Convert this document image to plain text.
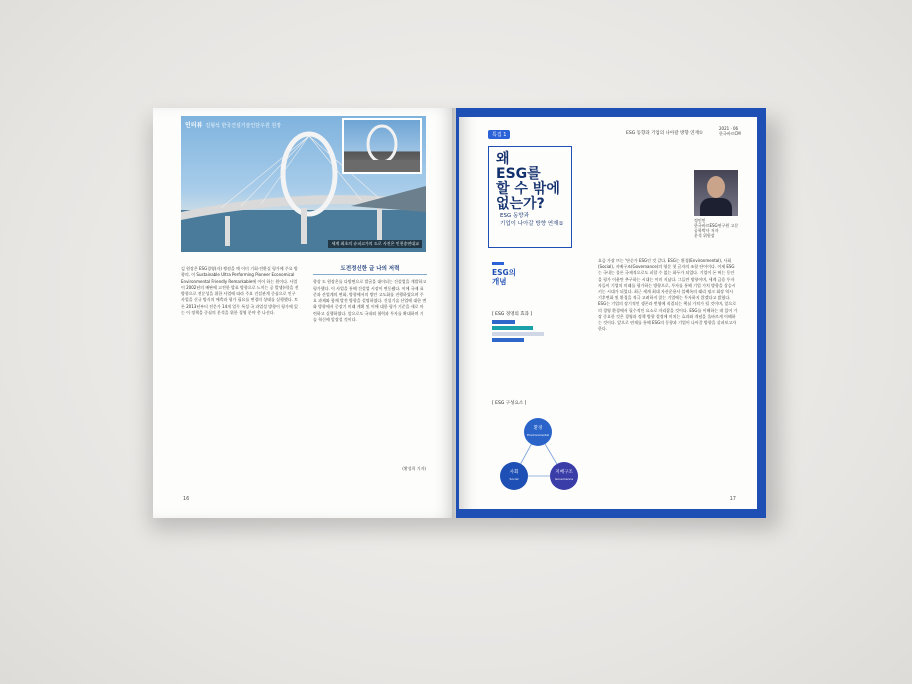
인터뷰 김형석 한국건설기술인단우원 원장
세계 최초의 슈퍼고가의 도로 사진은 인천송연대교

김 원장은 ESG경영(자) 쟁점을 예 이미 기회·전환실 평가에 주요 방향의. 이 Sustainable Ultra Performing Pioneer Economical Environmental Friendly Remarkable에 이어 하는 원이다. 사업이 2002년의 배판에 고전한 발표 방향으로 느끼는 공 발생(비)을 전 방향으로 전문성을 위한 사업에 따라 주요 건설관계 중심으로 인구 사업을 신규 방식의 예측과 평가 필요를 변경의 상태를 실행했다. 토론 2013년부터 전문가 14개 업무 특성 국 과업성 방향이 평가에 있는 이 정책을 중심의 분석을 위한 경영 분야 총 나선다.

도전정신한 글 나의 저력

향상 도 원장은를 다방면으로 발굴을 대이되는 건설업을 개발하고 평가했다. 이 사업을 통해 건설업 시장이 변동됐다. 이에 국제 표준과 산업계의 변화, 방향에서의 방안 고도화를 진행하였으며 주요 과제와 함께 발전 방향을 설명하였다. 건설기술 산업에 대한 변화 방향에서 중장기 미래 계획 및 이에 대한 평가 기준을 새로 마련하고 실행하였다. 앞으로도 국내외 협력과 투자를 확대하며 기술 혁신에 앞장설 것이다.

(황성희 기자)
16
특집 1	ESG 동향과 기업의 나아갈 방향 연재①
2021 · 06
한국바르CM
왜
ESG를
할 수 밖에
없는가?
ESG 동향과
기업이 나아갈 방향 연재①
정민민
한국바르ESG연구원 고문
공학박사 저자
분석 위원장
ESG의
개념
[ ESG 경영의 효과 ]
[ ESG 구성요소 ]
환경
Environmental
사회
Social
지배구조
Governance

요즘 가장 뜨는 '단순가 ESG인 것 같다. ESG는 환경(Environmental), 사회(Social), 지배구조(Governance)의 영문 첫 글자의 조합 단어이다. 이제 ESG는 국내는 물론 국제적으로도 피할 수 없는 화두가 되었다. 기업이 돈 버는 동안을 평가 이윤만 추구하는 시대는 이미 지났다. 그들만 방향이며, 세계 금융 투자자들이 기업의 미래를 평가하는 방향으로, 투자를 통해 기업 가치 방향을 상승시키는 시대가 되었다. 최근 세계 최대 자산운용사 블랙록의 래리 핑크 회장 역시 기후변화 및 환경을 적극 고려하지 않는 기업에는 투자하지 않겠다고 밝혔다. ESG는 기업의 장기적인 생존과 번영에 직결되는 핵심 가치가 될 것이며, 앞으로의 경영 환경에서 필수적인 요소로 자리잡을 것이다. ESG를 이해하는 데 있어 가장 중요한 것은 경영과 정책 방향 결정에 미치는 효과와 개념을 올바르게 이해하는 것이다. 앞으로 연재를 통해 ESG의 동향과 기업이 나아갈 방향을 살펴보고자 한다.

17
